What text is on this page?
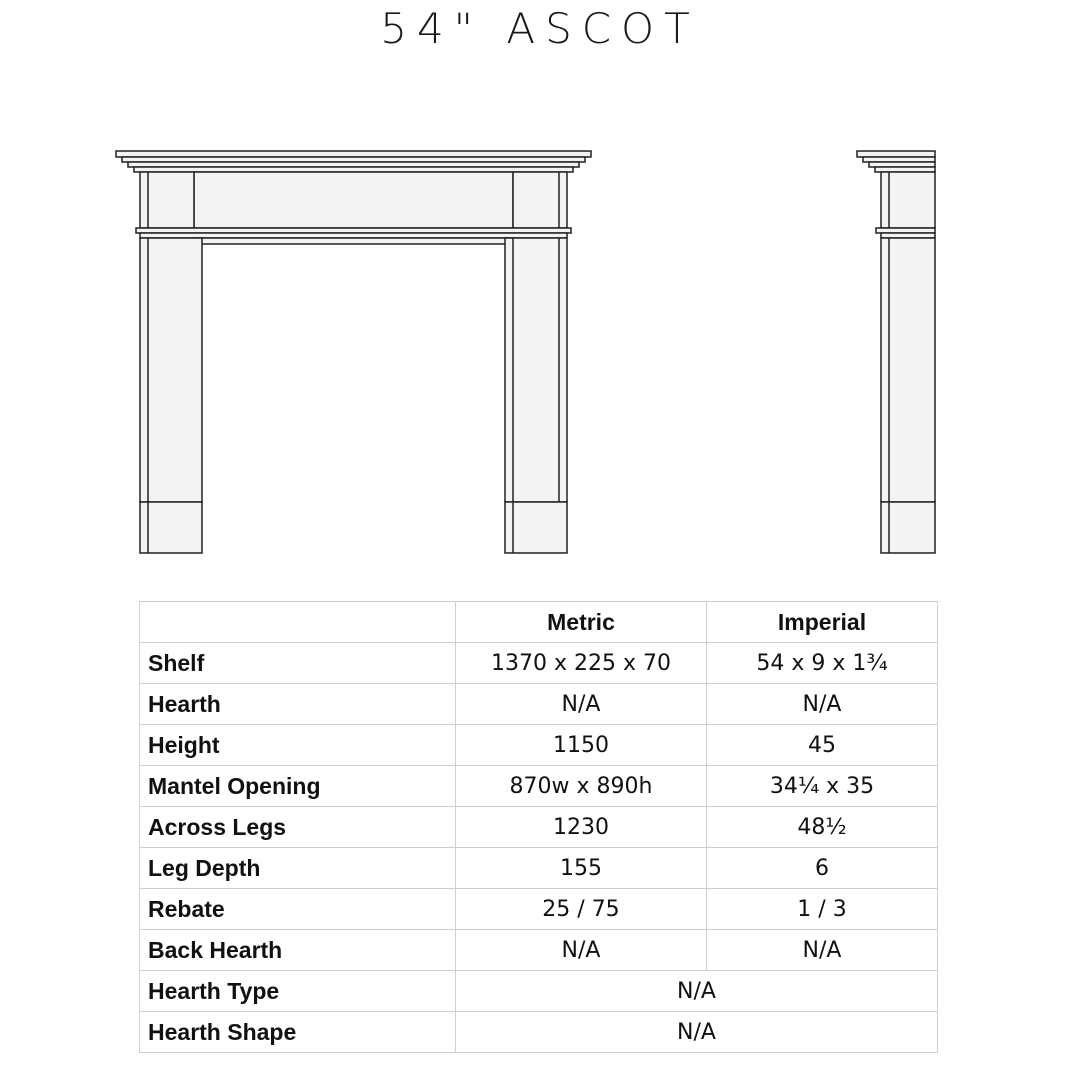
54" ASCOT
	Metric	Imperial
Shelf	1370 x 225 x 70	54 x 9 x 1¾
Hearth	N/A	N/A
Height	1150	45
Mantel Opening	870w x 890h	34¼ x 35
Across Legs	1230	48½
Leg Depth	155	6
Rebate	25 / 75	1 / 3
Back Hearth	N/A	N/A
Hearth Type	N/A	
Hearth Shape	N/A	
